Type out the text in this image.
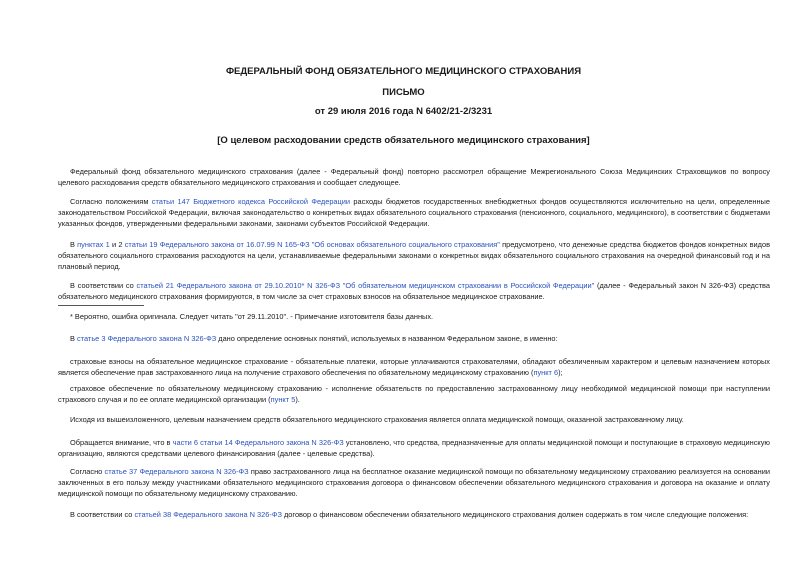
ФЕДЕРАЛЬНЫЙ ФОНД ОБЯЗАТЕЛЬНОГО МЕДИЦИНСКОГО СТРАХОВАНИЯ
ПИСЬМО
от 29 июля 2016 года N 6402/21-2/3231
[О целевом расходовании средств обязательного медицинского страхования]
Федеральный фонд обязательного медицинского страхования (далее - Федеральный фонд) повторно рассмотрел обращение Межрегионального Союза Медицинских Страховщиков по вопросу целевого расходования средств обязательного медицинского страхования и сообщает следующее.
Согласно положениям статьи 147 Бюджетного кодекса Российской Федерации расходы бюджетов государственных внебюджетных фондов осуществляются исключительно на цели, определенные законодательством Российской Федерации, включая законодательство о конкретных видах обязательного социального страхования (пенсионного, социального, медицинского), в соответствии с бюджетами указанных фондов, утвержденными федеральными законами, законами субъектов Российской Федерации.
В пунктах 1 и 2 статьи 19 Федерального закона от 16.07.99 N 165-ФЗ "Об основах обязательного социального страхования" предусмотрено, что денежные средства бюджетов фондов конкретных видов обязательного социального страхования расходуются на цели, устанавливаемые федеральными законами о конкретных видах обязательного социального страхования на очередной финансовый год и на плановый период.
В соответствии со статьей 21 Федерального закона от 29.10.2010* N 326-ФЗ "Об обязательном медицинском страховании в Российской Федерации" (далее - Федеральный закон N 326-ФЗ) средства обязательного медицинского страхования формируются, в том числе за счет страховых взносов на обязательное медицинское страхование.
* Вероятно, ошибка оригинала. Следует читать "от 29.11.2010". - Примечание изготовителя базы данных.
В статье 3 Федерального закона N 326-ФЗ дано определение основных понятий, используемых в названном Федеральном законе, в именно:
страховые взносы на обязательное медицинское страхование - обязательные платежи, которые уплачиваются страхователями, обладают обезличенным характером и целевым назначением которых является обеспечение прав застрахованного лица на получение страхового обеспечения по обязательному медицинскому страхованию (пункт 6);
страховое обеспечение по обязательному медицинскому страхованию - исполнение обязательств по предоставлению застрахованному лицу необходимой медицинской помощи при наступлении страхового случая и по ее оплате медицинской организации (пункт 5).
Исходя из вышеизложенного, целевым назначением средств обязательного медицинского страхования является оплата медицинской помощи, оказанной застрахованному лицу.
Обращается внимание, что в части 6 статьи 14 Федерального закона N 326-ФЗ установлено, что средства, предназначенные для оплаты медицинской помощи и поступающие в страховую медицинскую организацию, являются средствами целевого финансирования (далее - целевые средства).
Согласно статье 37 Федерального закона N 326-ФЗ право застрахованного лица на бесплатное оказание медицинской помощи по обязательному медицинскому страхованию реализуется на основании заключенных в его пользу между участниками обязательного медицинского страхования договора о финансовом обеспечении обязательного медицинского страхования и договора на оказание и оплату медицинской помощи по обязательному медицинскому страхованию.
В соответствии со статьей 38 Федерального закона N 326-ФЗ договор о финансовом обеспечении обязательного медицинского страхования должен содержать в том числе следующие положения:
